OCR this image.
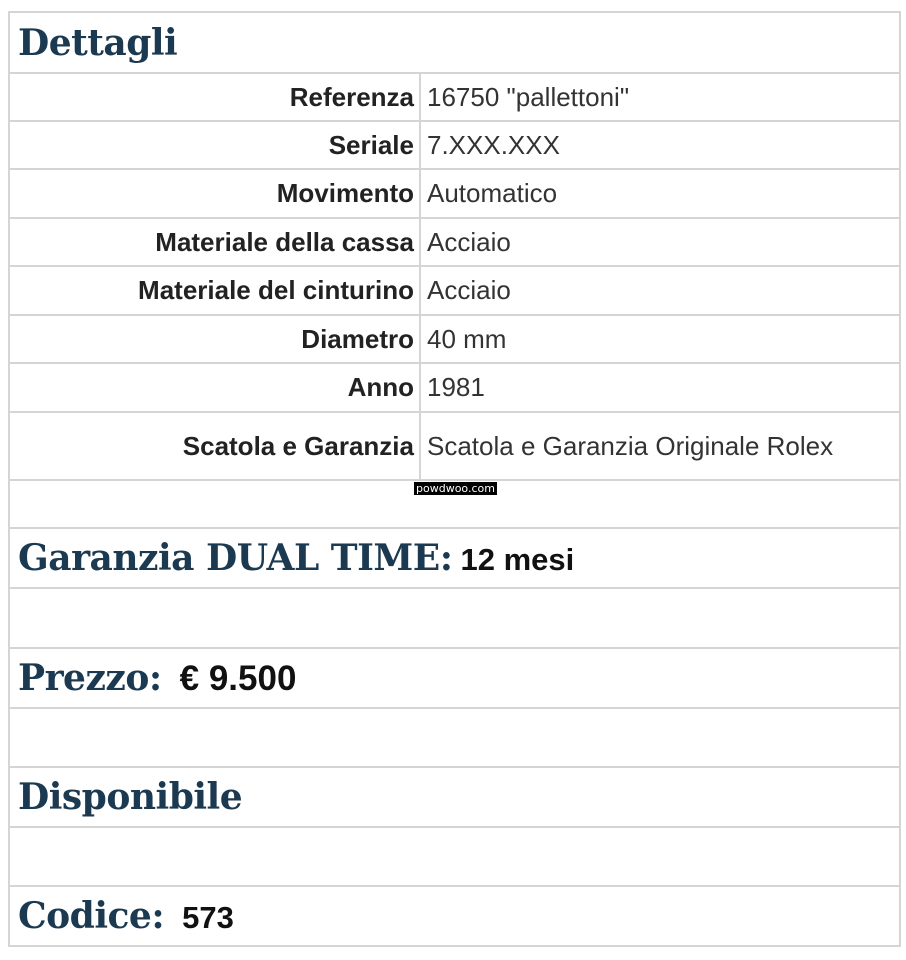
Dettagli	
Referenza	16750 "pallettoni"
Seriale	7.XXX.XXX
Movimento	Automatico
Materiale della cassa	Acciaio
Materiale del cinturino	Acciaio
Diametro	40 mm
Anno	1981
Scatola e Garanzia	Scatola e Garanzia Originale Rolex
powdwoo.com

Garanzia DUAL TIME: 12 mesi	

Prezzo: € 9.500	

Disponibile	

Codice: 573	
